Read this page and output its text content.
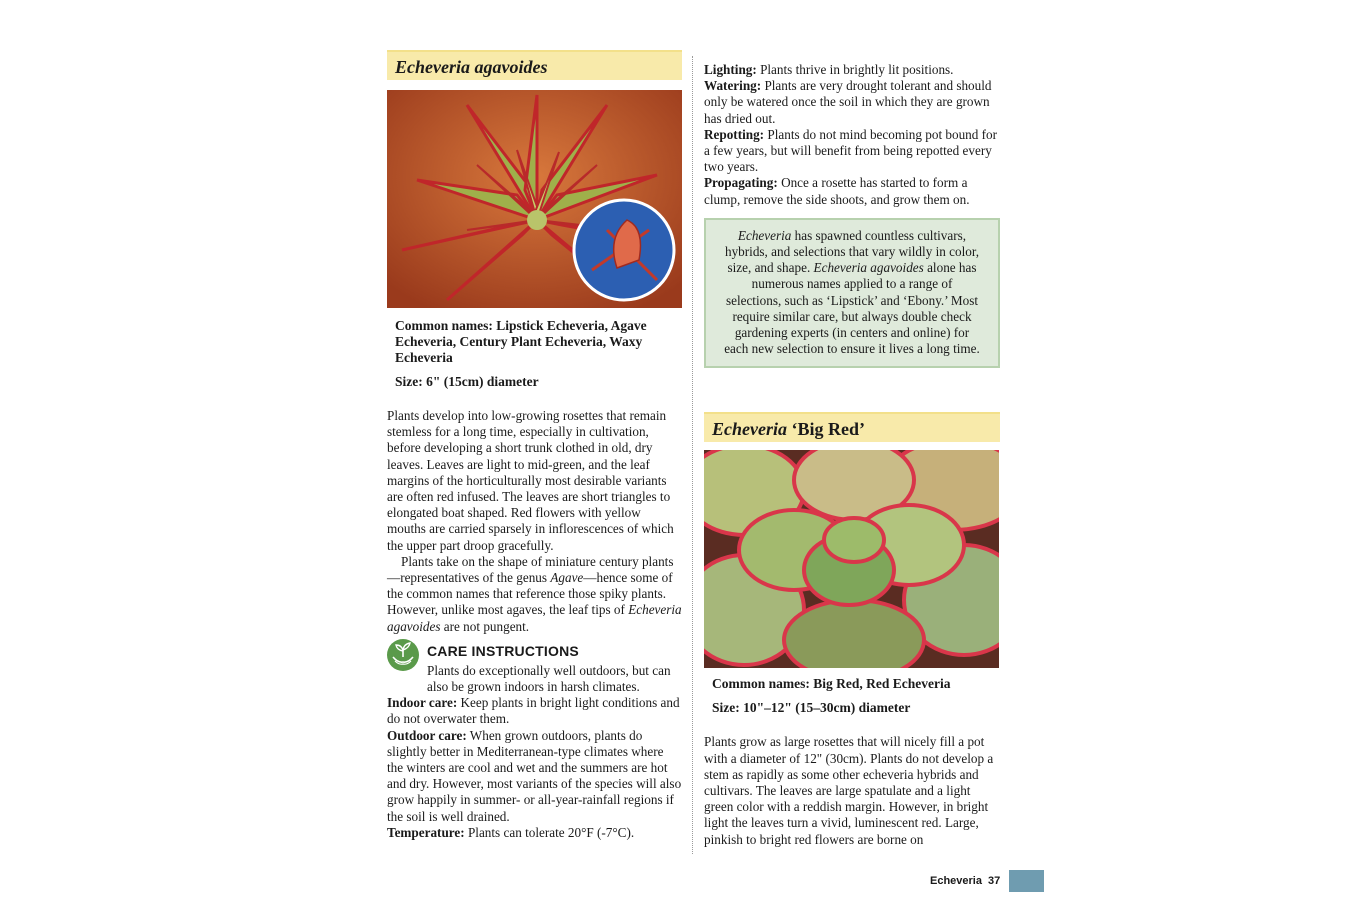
Echeveria agavoides
Common names: Lipstick Echeveria, Agave Echeveria, Century Plant Echeveria, Waxy Echeveria
Size: 6" (15cm) diameter

Plants develop into low-growing rosettes that remain stemless for a long time, especially in cultivation, before developing a short trunk clothed in old, dry leaves. Leaves are light to mid-green, and the leaf margins of the horticulturally most desirable variants are often red infused. The leaves are short triangles to elongated boat shaped. Red flowers with yellow mouths are carried sparsely in inflorescences of which the upper part droop gracefully.

Plants take on the shape of miniature century plants—representatives of the genus Agave—hence some of the common names that reference those spiky plants. However, unlike most agaves, the leaf tips of Echeveria agavoides are not pungent.

CARE INSTRUCTIONS

Plants do exceptionally well outdoors, but can also be grown indoors in harsh climates.

Indoor care: Keep plants in bright light conditions and do not overwater them.

Outdoor care: When grown outdoors, plants do slightly better in Mediterranean-type climates where the winters are cool and wet and the summers are hot and dry. However, most variants of the species will also grow happily in summer- or all-year-rainfall regions if the soil is well drained.

Temperature: Plants can tolerate 20°F (-7°C).

Lighting: Plants thrive in brightly lit positions.

Watering: Plants are very drought tolerant and should only be watered once the soil in which they are grown has dried out.

Repotting: Plants do not mind becoming pot bound for a few years, but will benefit from being repotted every two years.

Propagating: Once a rosette has started to form a clump, remove the side shoots, and grow them on.

Echeveria has spawned countless cultivars, hybrids, and selections that vary wildly in color, size, and shape. Echeveria agavoides alone has numerous names applied to a range of selections, such as ‘Lipstick’ and ‘Ebony.’ Most require similar care, but always double check gardening experts (in centers and online) for each new selection to ensure it lives a long time.
Echeveria ‘Big Red’
Common names: Big Red, Red Echeveria
Size: 10"–12" (15–30cm) diameter

Plants grow as large rosettes that will nicely fill a pot with a diameter of 12" (30cm). Plants do not develop a stem as rapidly as some other echeveria hybrids and cultivars. The leaves are large spatulate and a light green color with a reddish margin. However, in bright light the leaves turn a vivid, luminescent red. Large, pinkish to bright red flowers are borne on

Echeveria 37
